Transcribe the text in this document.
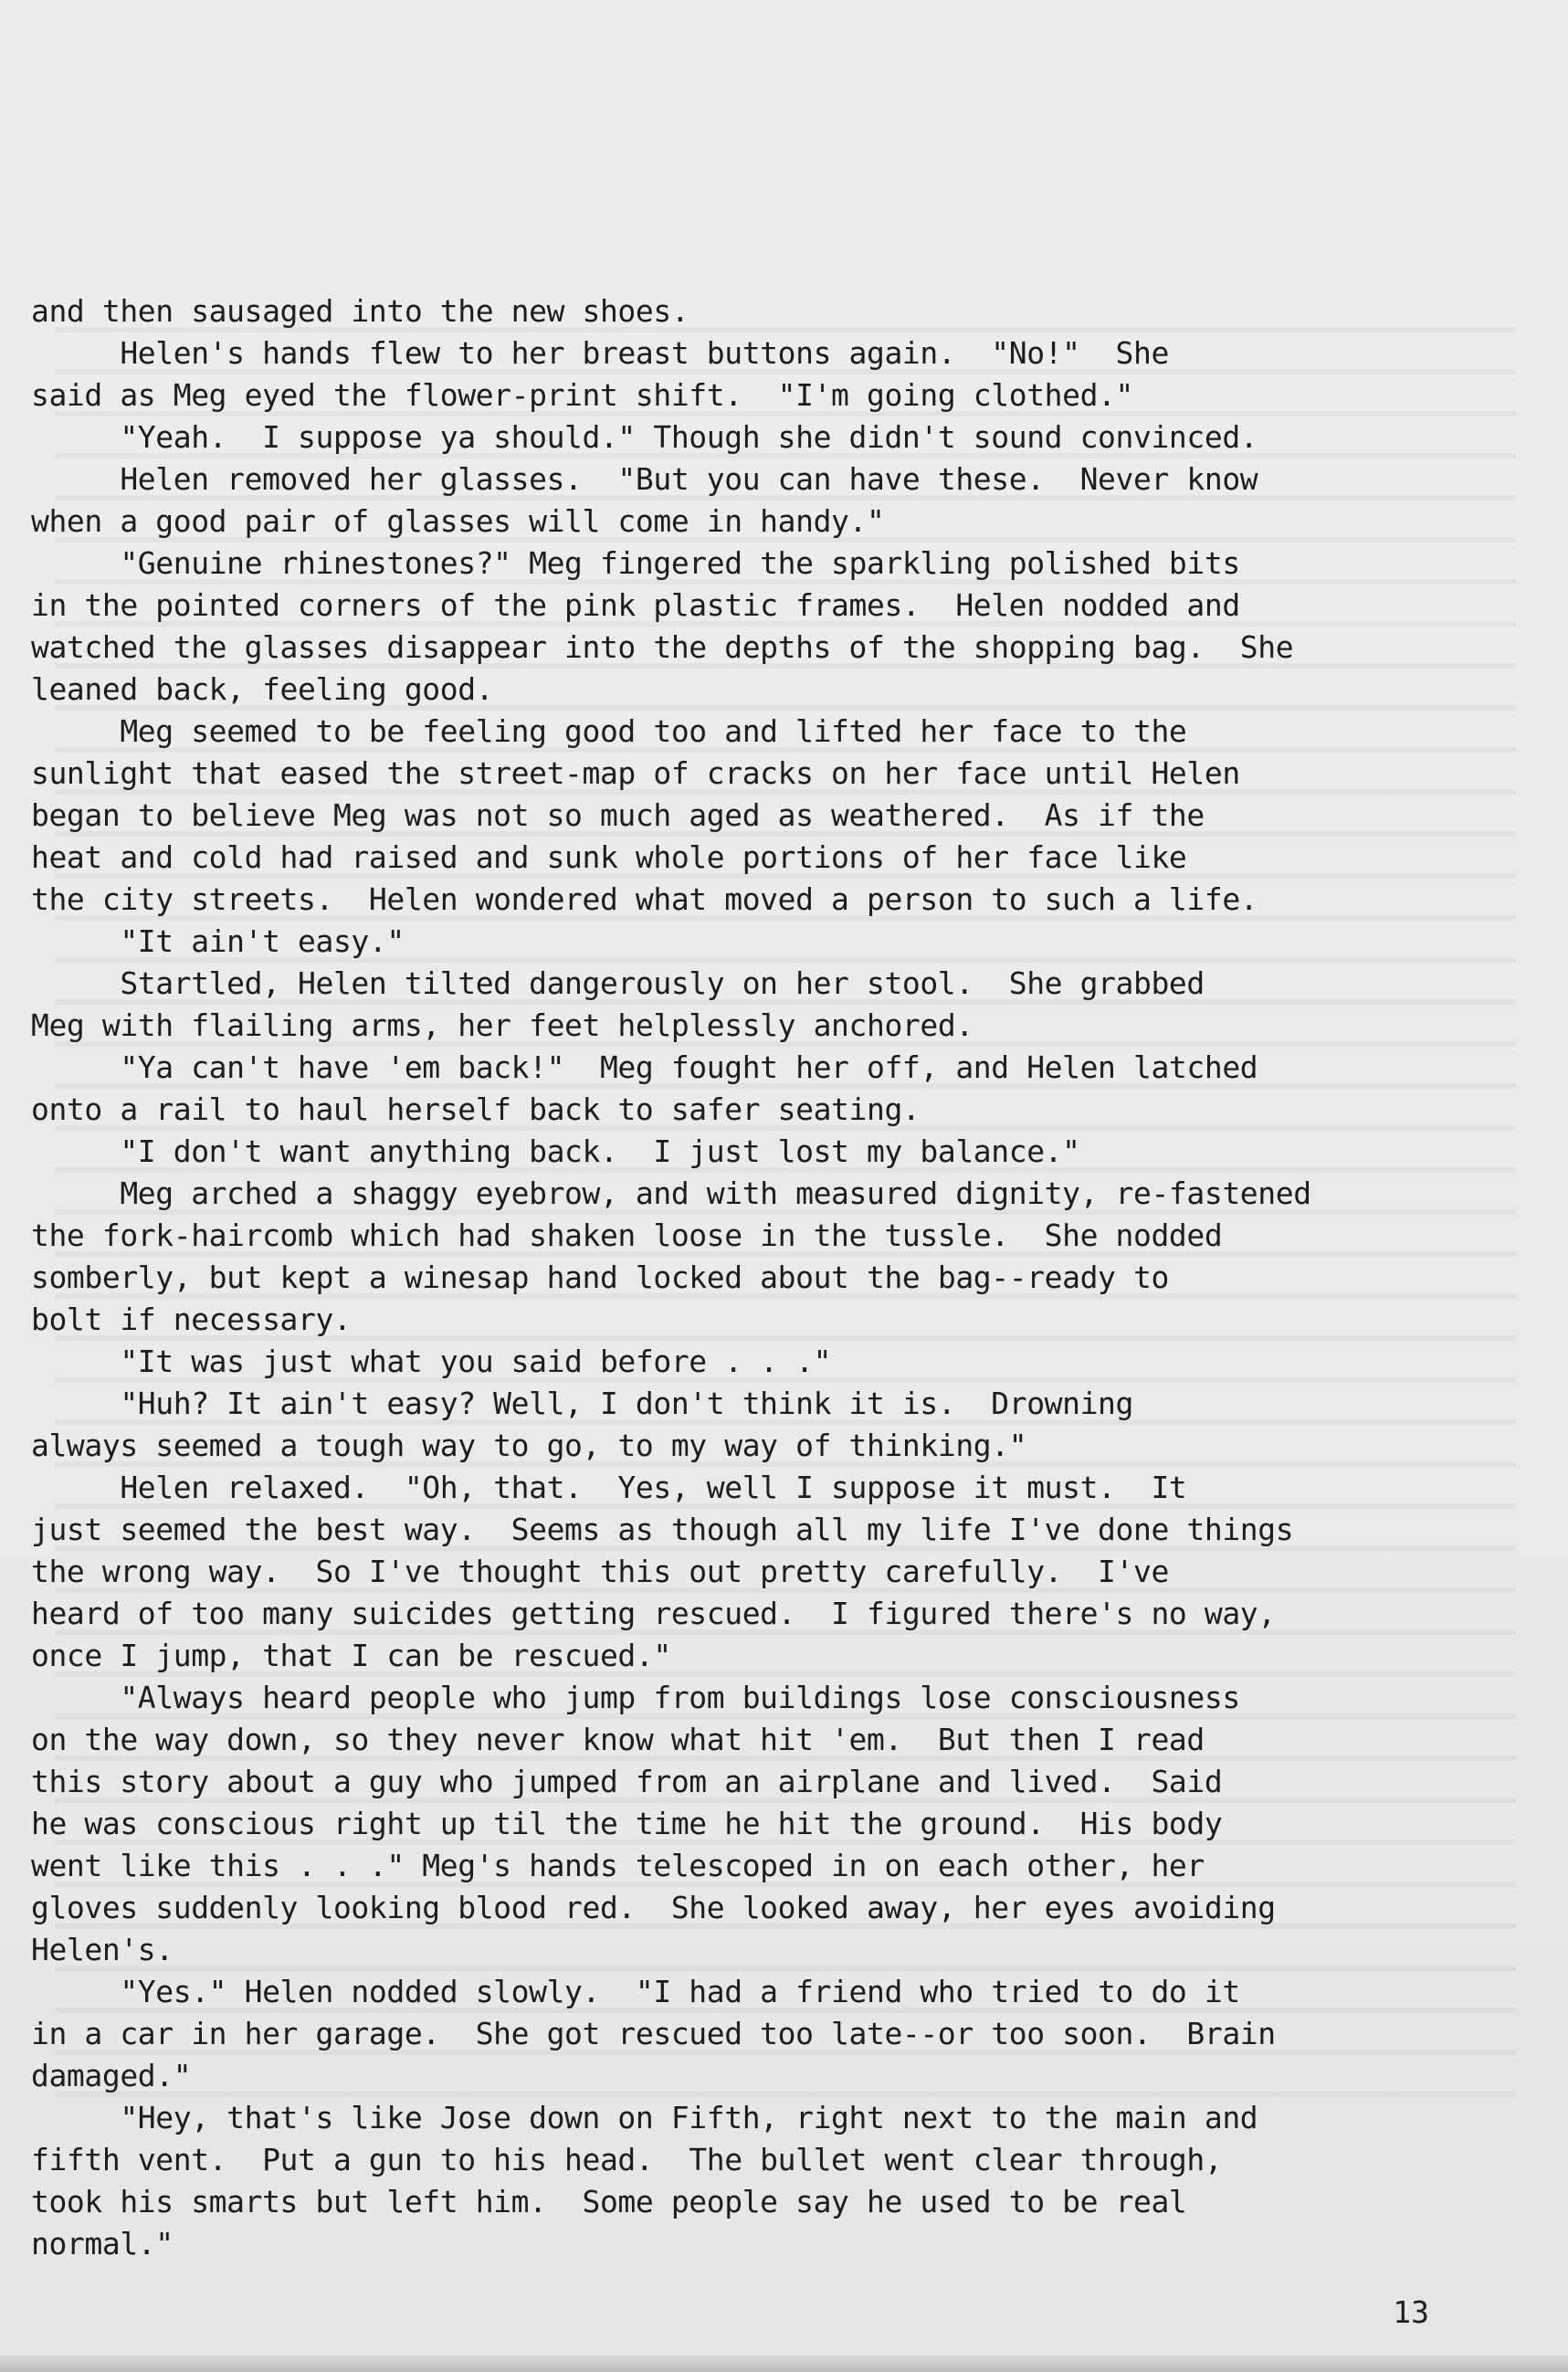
and then sausaged into the new shoes.
Helen's hands flew to her breast buttons again.  "No!"  She
said as Meg eyed the flower-print shift.  "I'm going clothed."
"Yeah.  I suppose ya should." Though she didn't sound convinced.
Helen removed her glasses.  "But you can have these.  Never know
when a good pair of glasses will come in handy."
"Genuine rhinestones?" Meg fingered the sparkling polished bits
in the pointed corners of the pink plastic frames.  Helen nodded and
watched the glasses disappear into the depths of the shopping bag.  She
leaned back, feeling good.
Meg seemed to be feeling good too and lifted her face to the
sunlight that eased the street-map of cracks on her face until Helen
began to believe Meg was not so much aged as weathered.  As if the
heat and cold had raised and sunk whole portions of her face like
the city streets.  Helen wondered what moved a person to such a life.
"It ain't easy."
Startled, Helen tilted dangerously on her stool.  She grabbed
Meg with flailing arms, her feet helplessly anchored.
"Ya can't have 'em back!"  Meg fought her off, and Helen latched
onto a rail to haul herself back to safer seating.
"I don't want anything back.  I just lost my balance."
Meg arched a shaggy eyebrow, and with measured dignity, re-fastened
the fork-haircomb which had shaken loose in the tussle.  She nodded
somberly, but kept a winesap hand locked about the bag--ready to
bolt if necessary.
"It was just what you said before . . ."
"Huh? It ain't easy? Well, I don't think it is.  Drowning
always seemed a tough way to go, to my way of thinking."
Helen relaxed.  "Oh, that.  Yes, well I suppose it must.  It
just seemed the best way.  Seems as though all my life I've done things
the wrong way.  So I've thought this out pretty carefully.  I've
heard of too many suicides getting rescued.  I figured there's no way,
once I jump, that I can be rescued."
"Always heard people who jump from buildings lose consciousness
on the way down, so they never know what hit 'em.  But then I read
this story about a guy who jumped from an airplane and lived.  Said
he was conscious right up til the time he hit the ground.  His body
went like this . . ." Meg's hands telescoped in on each other, her
gloves suddenly looking blood red.  She looked away, her eyes avoiding
Helen's.
"Yes." Helen nodded slowly.  "I had a friend who tried to do it
in a car in her garage.  She got rescued too late--or too soon.  Brain
damaged."
"Hey, that's like Jose down on Fifth, right next to the main and
fifth vent.  Put a gun to his head.  The bullet went clear through,
took his smarts but left him.  Some people say he used to be real
normal."
13
